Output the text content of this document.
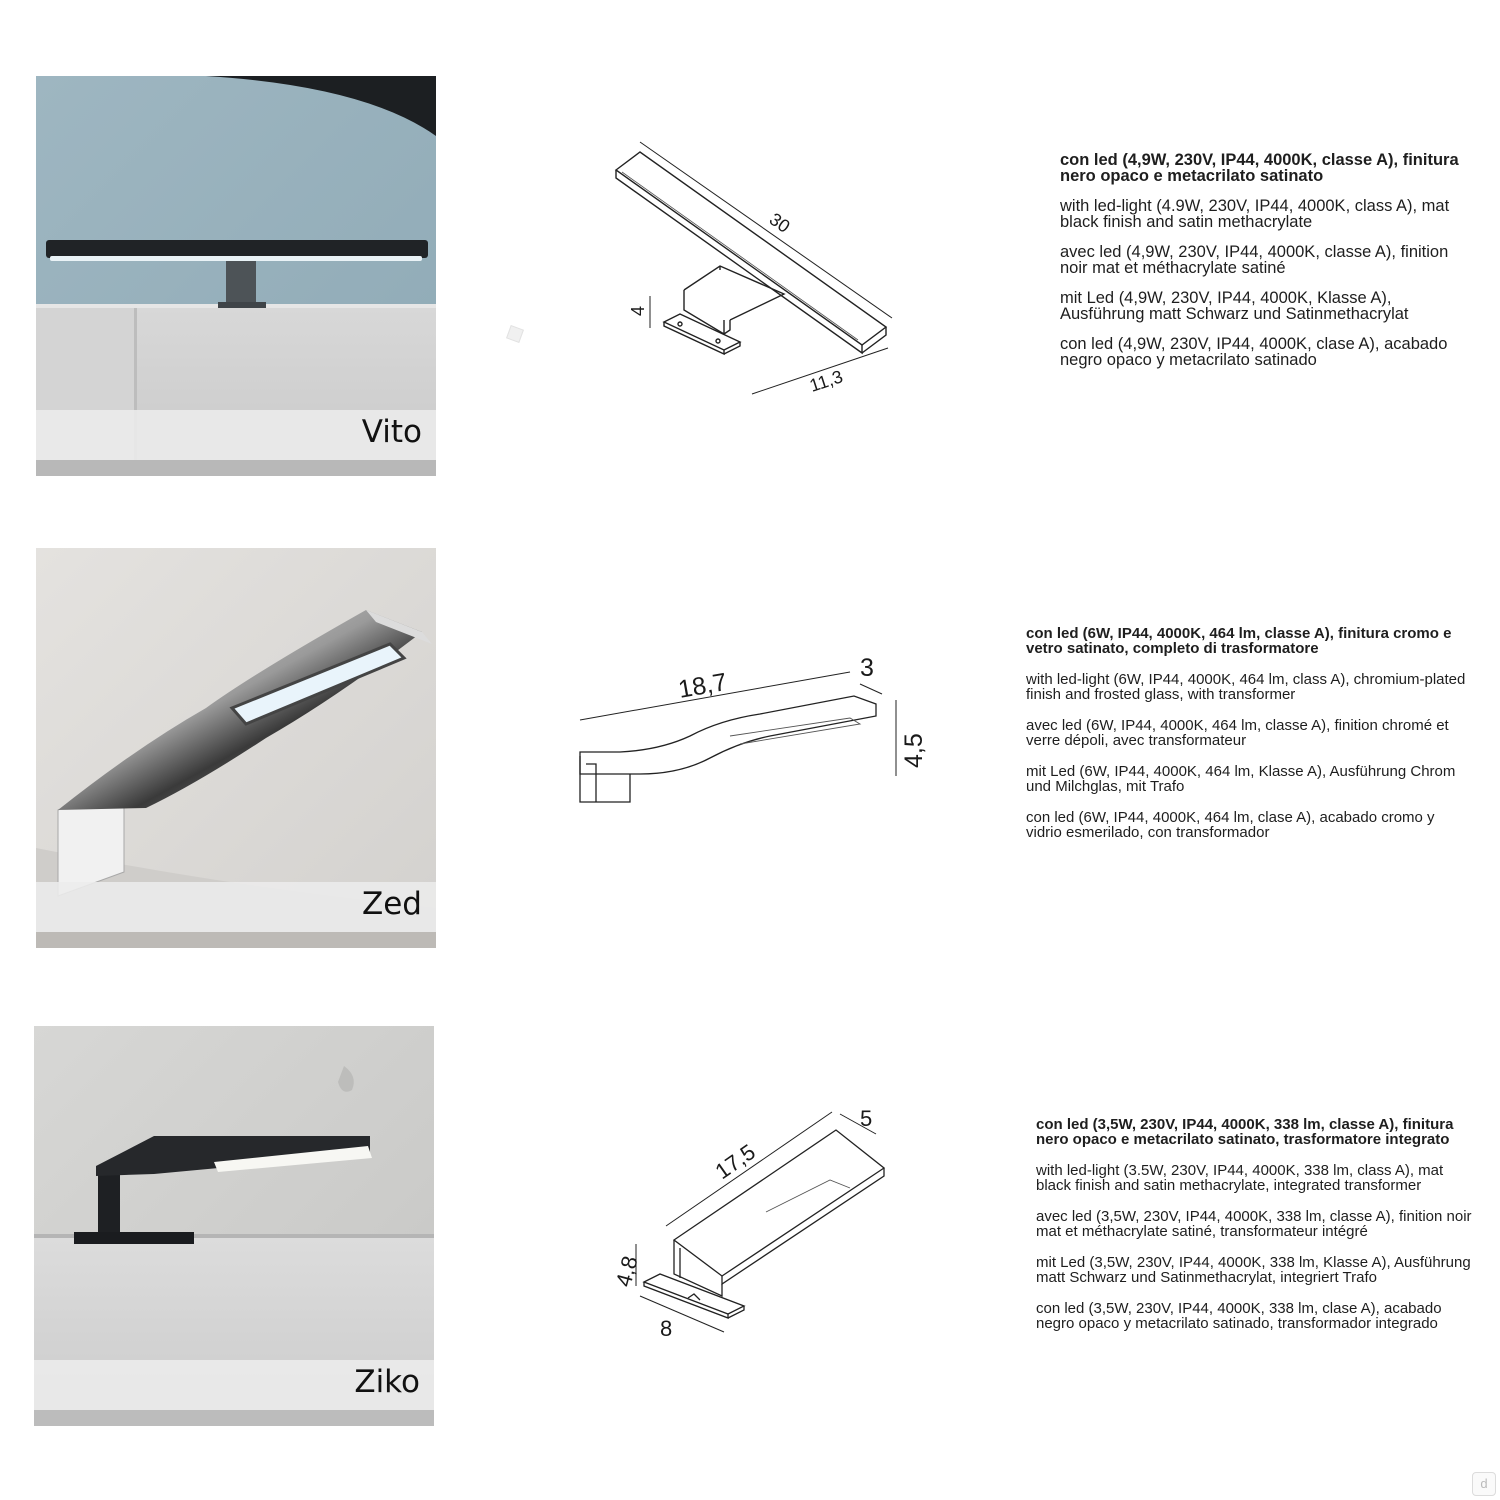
Vito
30
4
11,3

con led (4,9W, 230V, IP44, 4000K, classe A), finitura nero opaco e metacrilato satinato

with led-light (4.9W, 230V, IP44, 4000K, class A), mat black finish and satin methacrylate

avec led (4,9W, 230V, IP44, 4000K, classe A), finition noir mat et méthacrylate satiné

mit Led (4,9W, 230V, IP44, 4000K, Klasse A), Ausführung matt Schwarz und Satinmethacrylat

con led (4,9W, 230V, IP44, 4000K, clase A), acabado negro opaco y metacrilato satinado

Zed
18,7	3
4,5

con led (6W, IP44, 4000K, 464 lm, classe A), finitura cromo e vetro satinato, completo di trasformatore

with led-light (6W, IP44, 4000K, 464 lm, class A), chromium-plated finish and frosted glass, with transformer

avec led (6W, IP44, 4000K, 464 lm, classe A), finition chromé et verre dépoli, avec transformateur

mit Led (6W, IP44, 4000K, 464 lm, Klasse A), Ausführung Chrom und Milchglas, mit Trafo

con led (6W, IP44, 4000K, 464 lm, clase A), acabado cromo y vidrio esmerilado, con transformador

Ziko
17,5
5
4,8
8

con led (3,5W, 230V, IP44, 4000K, 338 lm, classe A), finitura nero opaco e metacrilato satinato, trasformatore integrato

with led-light (3.5W, 230V, IP44, 4000K, 338 lm, class A), mat black finish and satin methacrylate, integrated transformer

avec led (3,5W, 230V, IP44, 4000K, 338 lm, classe A), finition noir mat et méthacrylate satiné, transformateur intégré

mit Led (3,5W, 230V, IP44, 4000K, 338 lm, Klasse A), Ausführung matt Schwarz und Satinmethacrylat, integriert Trafo

con led (3,5W, 230V, IP44, 4000K, 338 lm, clase A), acabado negro opaco y metacrilato satinado, transformador integrado

d
